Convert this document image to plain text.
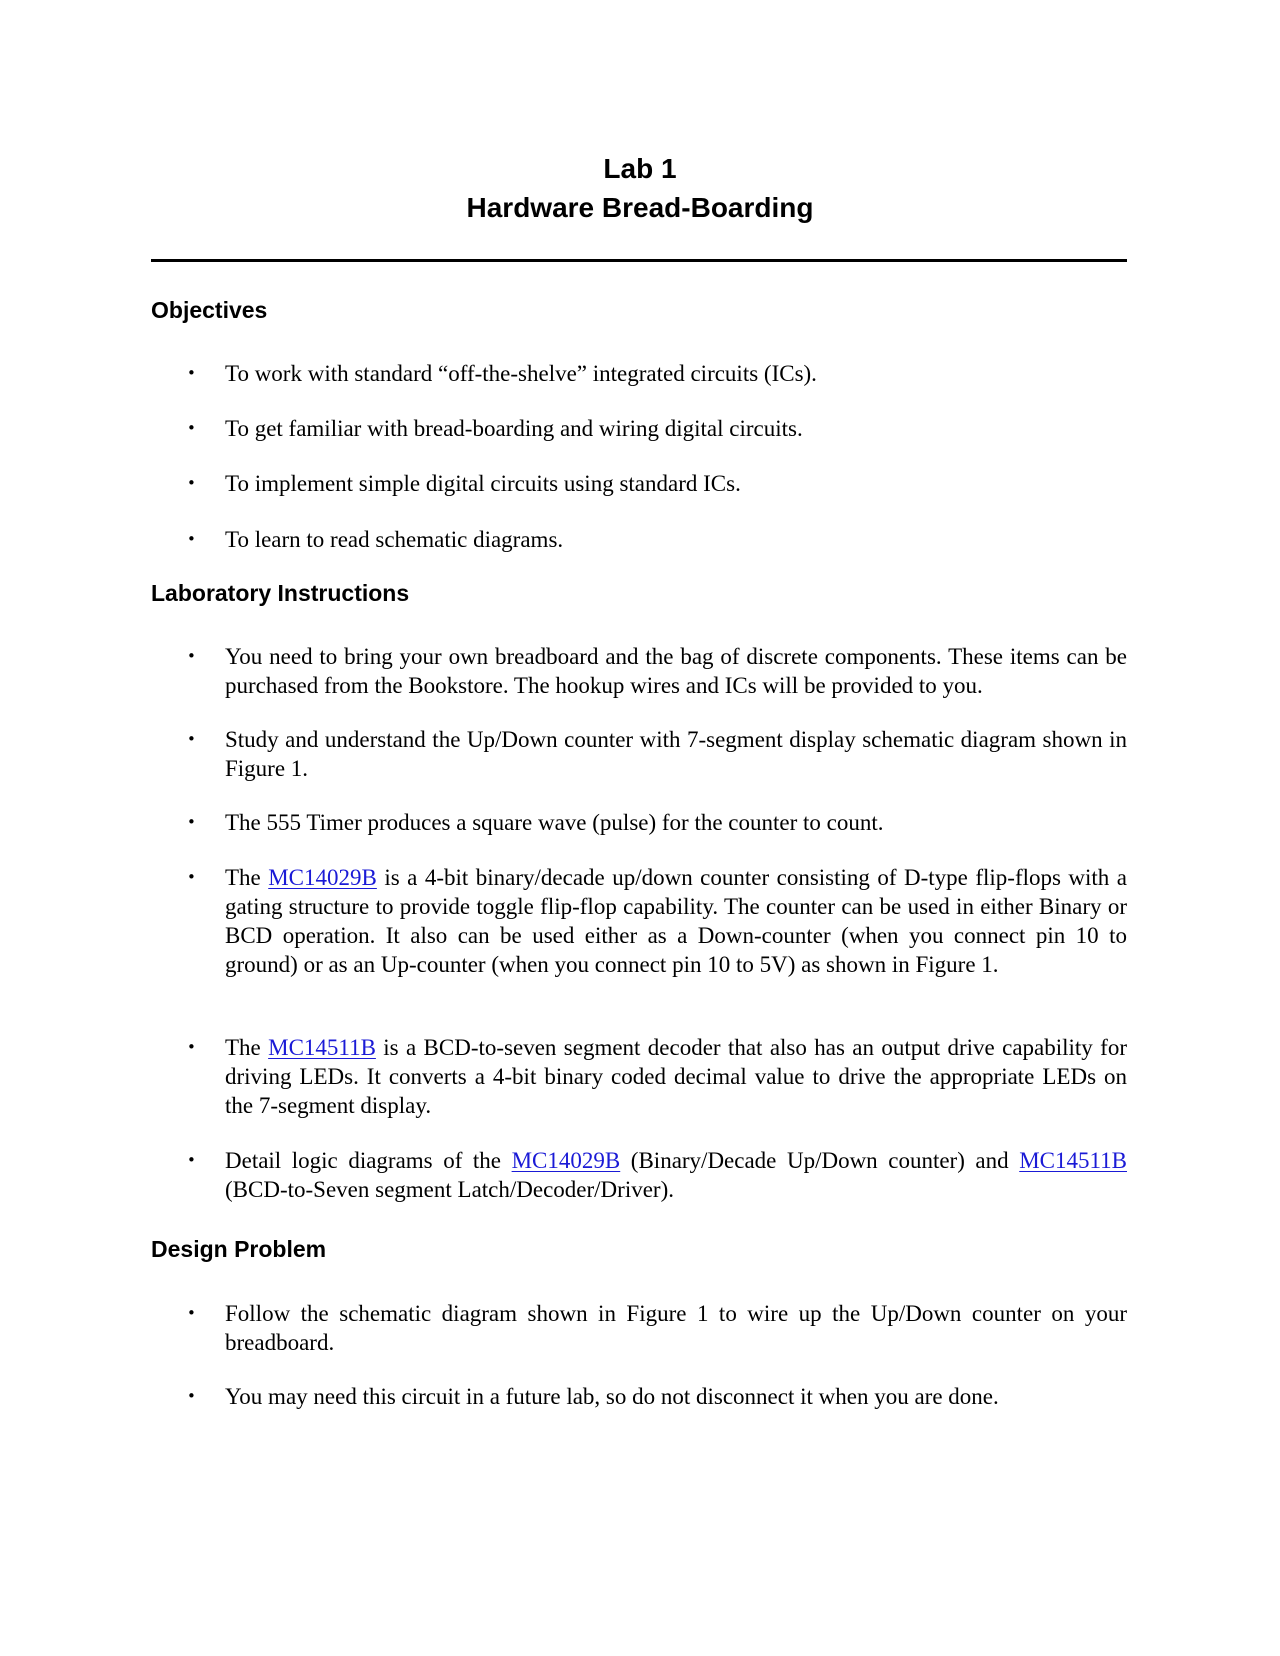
Lab 1
Hardware Bread-Boarding
Objectives
• To work with standard “off-the-shelve” integrated circuits (ICs).
• To get familiar with bread-boarding and wiring digital circuits.
• To implement simple digital circuits using standard ICs.
• To learn to read schematic diagrams.
Laboratory Instructions
• You need to bring your own breadboard and the bag of discrete components. These items can be purchased from the Bookstore. The hookup wires and ICs will be provided to you.
• Study and understand the Up/Down counter with 7-segment display schematic diagram shown in Figure 1.
• The 555 Timer produces a square wave (pulse) for the counter to count.
• The MC14029B is a 4-bit binary/decade up/down counter consisting of D-type flip-flops with a gating structure to provide toggle flip-flop capability. The counter can be used in either Binary or BCD operation. It also can be used either as a Down-counter (when you connect pin 10 to ground) or as an Up-counter (when you connect pin 10 to 5V) as shown in Figure 1.
• The MC14511B is a BCD-to-seven segment decoder that also has an output drive capability for driving LEDs. It converts a 4-bit binary coded decimal value to drive the appropriate LEDs on the 7-segment display.
• Detail logic diagrams of the MC14029B (Binary/Decade Up/Down counter) and MC14511B (BCD-to-Seven segment Latch/Decoder/Driver).
Design Problem
• Follow the schematic diagram shown in Figure 1 to wire up the Up/Down counter on your breadboard.
• You may need this circuit in a future lab, so do not disconnect it when you are done.
